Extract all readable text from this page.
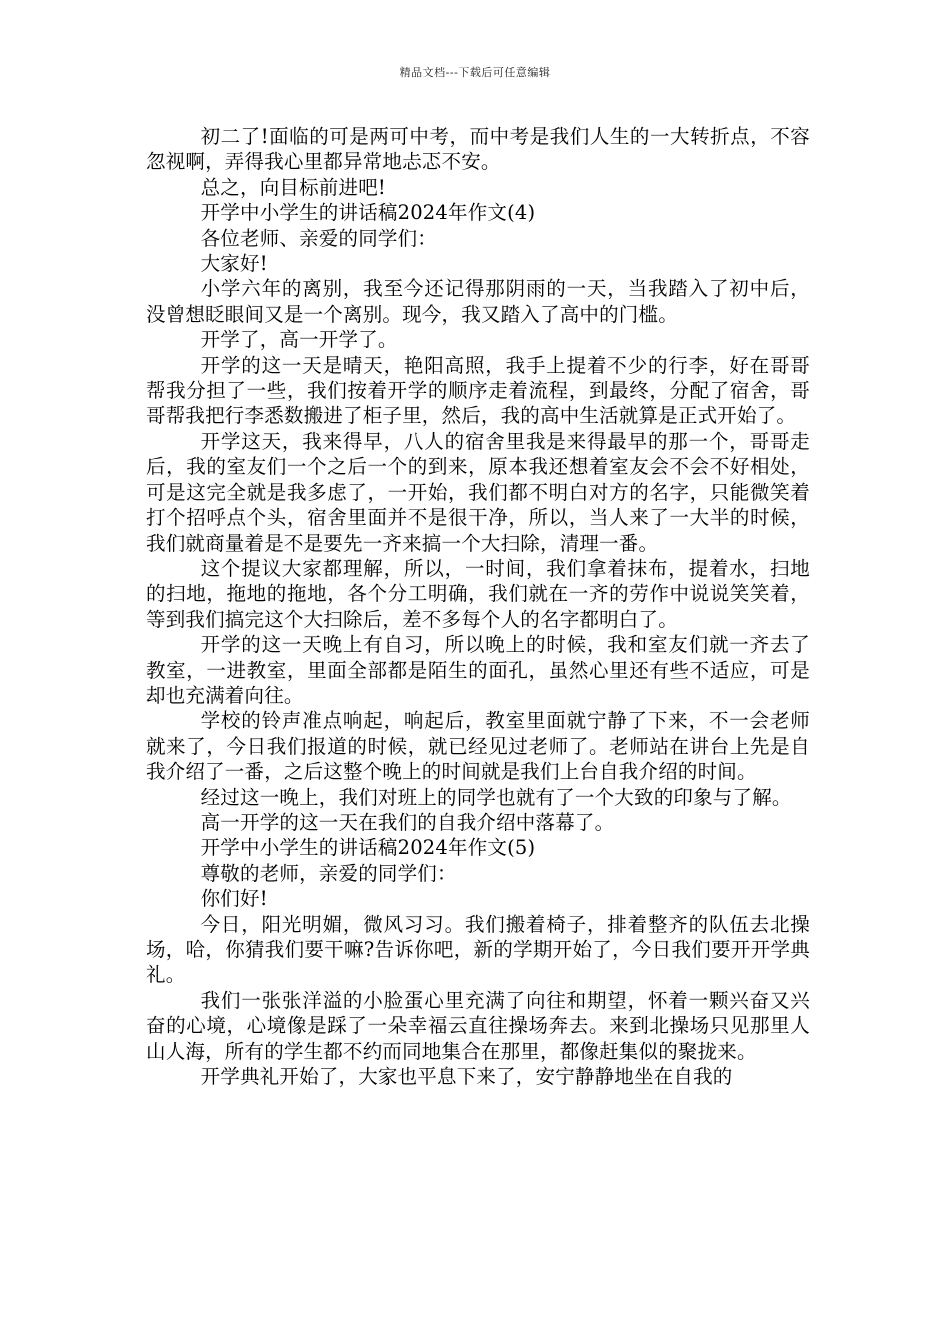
精品文档---下载后可任意编辑

初二了!面临的可是两可中考，而中考是我们人生的一大转折点，不容忽视啊，弄得我心里都异常地忐忑不安。

总之，向目标前进吧!

开学中小学生的讲话稿2024年作文(4)

各位老师、亲爱的同学们：

大家好!

小学六年的离别，我至今还记得那阴雨的一天，当我踏入了初中后，没曾想眨眼间又是一个离别。现今，我又踏入了高中的门槛。

开学了，高一开学了。

开学的这一天是晴天，艳阳高照，我手上提着不少的行李，好在哥哥帮我分担了一些，我们按着开学的顺序走着流程，到最终，分配了宿舍，哥哥帮我把行李悉数搬进了柜子里，然后，我的高中生活就算是正式开始了。

开学这天，我来得早，八人的宿舍里我是来得最早的那一个，哥哥走后，我的室友们一个之后一个的到来，原本我还想着室友会不会不好相处，可是这完全就是我多虑了，一开始，我们都不明白对方的名字，只能微笑着打个招呼点个头，宿舍里面并不是很干净，所以，当人来了一大半的时候，我们就商量着是不是要先一齐来搞一个大扫除，清理一番。

这个提议大家都理解，所以，一时间，我们拿着抹布，提着水，扫地的扫地，拖地的拖地，各个分工明确，我们就在一齐的劳作中说说笑笑着，等到我们搞完这个大扫除后，差不多每个人的名字都明白了。

开学的这一天晚上有自习，所以晚上的时候，我和室友们就一齐去了教室，一进教室，里面全部都是陌生的面孔，虽然心里还有些不适应，可是却也充满着向往。

学校的铃声准点响起，响起后，教室里面就宁静了下来，不一会老师就来了，今日我们报道的时候，就已经见过老师了。老师站在讲台上先是自我介绍了一番，之后这整个晚上的时间就是我们上台自我介绍的时间。

经过这一晚上，我们对班上的同学也就有了一个大致的印象与了解。

高一开学的这一天在我们的自我介绍中落幕了。

开学中小学生的讲话稿2024年作文(5)

尊敬的老师，亲爱的同学们：

你们好!

今日，阳光明媚，微风习习。我们搬着椅子，排着整齐的队伍去北操场，哈，你猜我们要干嘛?告诉你吧，新的学期开始了，今日我们要开开学典礼。

我们一张张洋溢的小脸蛋心里充满了向往和期望，怀着一颗兴奋又兴奋的心境，心境像是踩了一朵幸福云直往操场奔去。来到北操场只见那里人山人海，所有的学生都不约而同地集合在那里，都像赶集似的聚拢来。

开学典礼开始了，大家也平息下来了，安宁静静地坐在自我的
